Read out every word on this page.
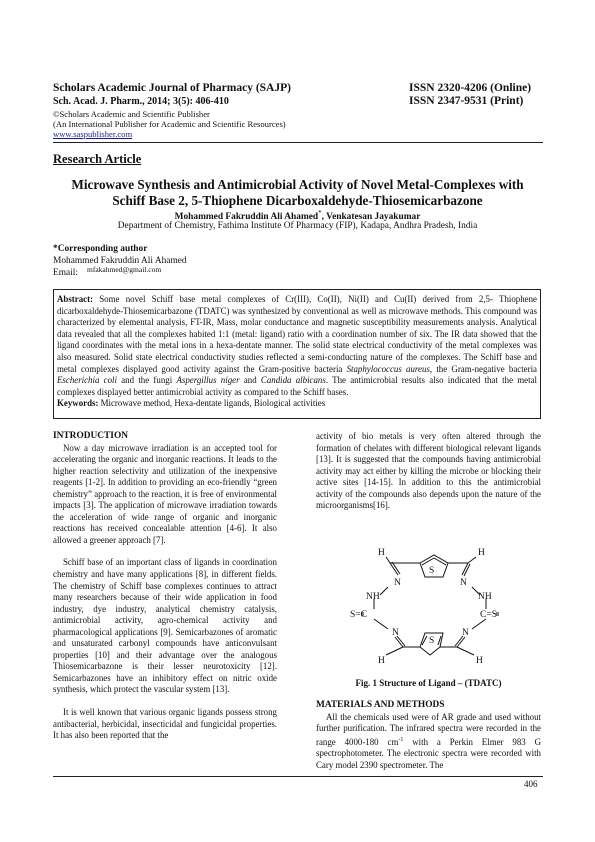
Scholars Academic Journal of Pharmacy (SAJP)	ISSN 2320-4206 (Online)
Sch. Acad. J. Pharm., 2014; 3(5): 406-410	ISSN 2347-9531 (Print)
©Scholars Academic and Scientific Publisher
(An International Publisher for Academic and Scientific Resources)
www.saspublisher.com
Research Article
Microwave Synthesis and Antimicrobial Activity of Novel Metal-Complexes with
Schiff Base 2, 5-Thiophene Dicarboxaldehyde-Thiosemicarbazone
Mohammed Fakruddin Ali Ahamed*, Venkatesan Jayakumar
Department of Chemistry, Fathima Institute Of Pharmacy (FIP), Kadapa, Andhra Pradesh, India
*Corresponding author
Mohammed Fakruddin Ali Ahamed
Email: mfakahmed@gmail.com
Abstract: Some novel Schiff base metal complexes of Cr(III), Co(II), Ni(II) and Cu(II) derived from 2,5- Thiophene dicarboxaldehyde-Thiosemicarbazone (TDATC) was synthesized by conventional as well as microwave methods. This compound was characterized by elemental analysis, FT-IR, Mass, molar conductance and magnetic susceptibility measurements analysis. Analytical data revealed that all the complexes habited 1:1 (metal: ligand) ratio with a coordination number of six. The IR data showed that the ligand coordinates with the metal ions in a hexa-dentate manner. The solid state electrical conductivity of the metal complexes was also measured. Solid state electrical conductivity studies reflected a semi-conducting nature of the complexes. The Schiff base and metal complexes displayed good activity against the Gram-positive bacteria Staphylococcus aureus, the Gram-negative bacteria Escherichia coli and the fungi Aspergillus niger and Candida albicans. The antimicrobial results also indicated that the metal complexes displayed better antimicrobial activity as compared to the Schiff bases.
Keywords: Microwave method, Hexa-dentate ligands, Biological activities
INTRODUCTION

Now a day microwave irradiation is an accepted tool for accelerating the organic and inorganic reactions. It leads to the higher reaction selectivity and utilization of the inexpensive reagents [1-2]. In addition to providing an eco-friendly “green chemistry” approach to the reaction, it is free of environmental impacts [3]. The application of microwave irradiation towards the acceleration of wide range of organic and inorganic reactions has received concealable attention [4-6]. It also allowed a greener approach [7].

Schiff base of an important class of ligands in coordination chemistry and have many applications [8], in different fields. The chemistry of Schiff base complexes continues to attract many researchers because of their wide application in food industry, dye industry, analytical chemistry catalysis, antimicrobial activity, agro-chemical activity and pharmacological applications [9]. Semicarbazones of aromatic and unsaturated carbonyl compounds have anticonvulsant properties [10] and their advantage over the analogous Thiosemicarbazone is their lesser neurotoxicity [12]. Semicarbazones have an inhibitory effect on nitric oxide synthesis, which protect the vascular system [13].

It is well known that various organic ligands possess strong antibacterial, herbicidal, insecticidal and fungicidal properties. It has also been reported that the

activity of bio metals is very often altered through the formation of chelates with different biological relevant ligands [13]. It is suggested that the compounds having antimicrobial activity may act either by killing the microbe or blocking their active sites [14-15]. In addition to this the antimicrobial activity of the compounds also depends upon the nature of the microorganisms[16].

H	H
S
N	N
NH	NH
S=C	C=S
N	N
S
H	H
Fig. 1 Structure of Ligand – (TDATC)
MATERIALS AND METHODS

All the chemicals used were of AR grade and used without further purification. The infrared spectra were recorded in the range 4000-180 $cm^{-1}$ with a Perkin Elmer 983 G spectrophotometer. The electronic spectra were recorded with Cary model 2390 spectrometer. The

406
